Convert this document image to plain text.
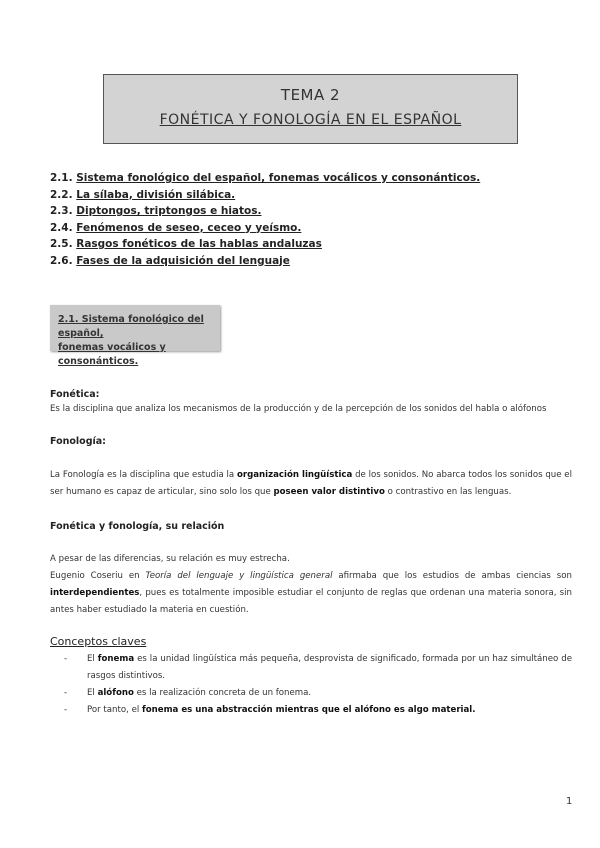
TEMA 2
FONÉTICA Y FONOLOGÍA EN EL ESPAÑOL
2.1. Sistema fonológico del español, fonemas vocálicos y consonánticos.
2.2. La sílaba, división silábica.
2.3. Diptongos, triptongos e hiatos.
2.4. Fenómenos de seseo, ceceo y yeísmo.
2.5. Rasgos fonéticos de las hablas andaluzas
2.6. Fases de la adquisición del lenguaje
2.1. Sistema fonológico del español,
fonemas vocálicos y consonánticos.
Fonética:
Es la disciplina que analiza los mecanismos de la producción y de la percepción de los sonidos del habla o alófonos
Fonología:
La Fonología es la disciplina que estudia la organización lingüística de los sonidos. No abarca todos los sonidos que el ser humano es capaz de articular, sino solo los que poseen valor distintivo o contrastivo en las lenguas.
Fonética y fonología, su relación
A pesar de las diferencias, su relación es muy estrecha.
Eugenio Coseriu en Teoría del lenguaje y lingüística general afirmaba que los estudios de ambas ciencias son interdependientes, pues es totalmente imposible estudiar el conjunto de reglas que ordenan una materia sonora, sin antes haber estudiado la materia en cuestión.
Conceptos claves
- El fonema es la unidad lingüística más pequeña, desprovista de significado, formada por un haz simultáneo de rasgos distintivos.
- El alófono es la realización concreta de un fonema.
- Por tanto, el fonema es una abstracción mientras que el alófono es algo material.
1
